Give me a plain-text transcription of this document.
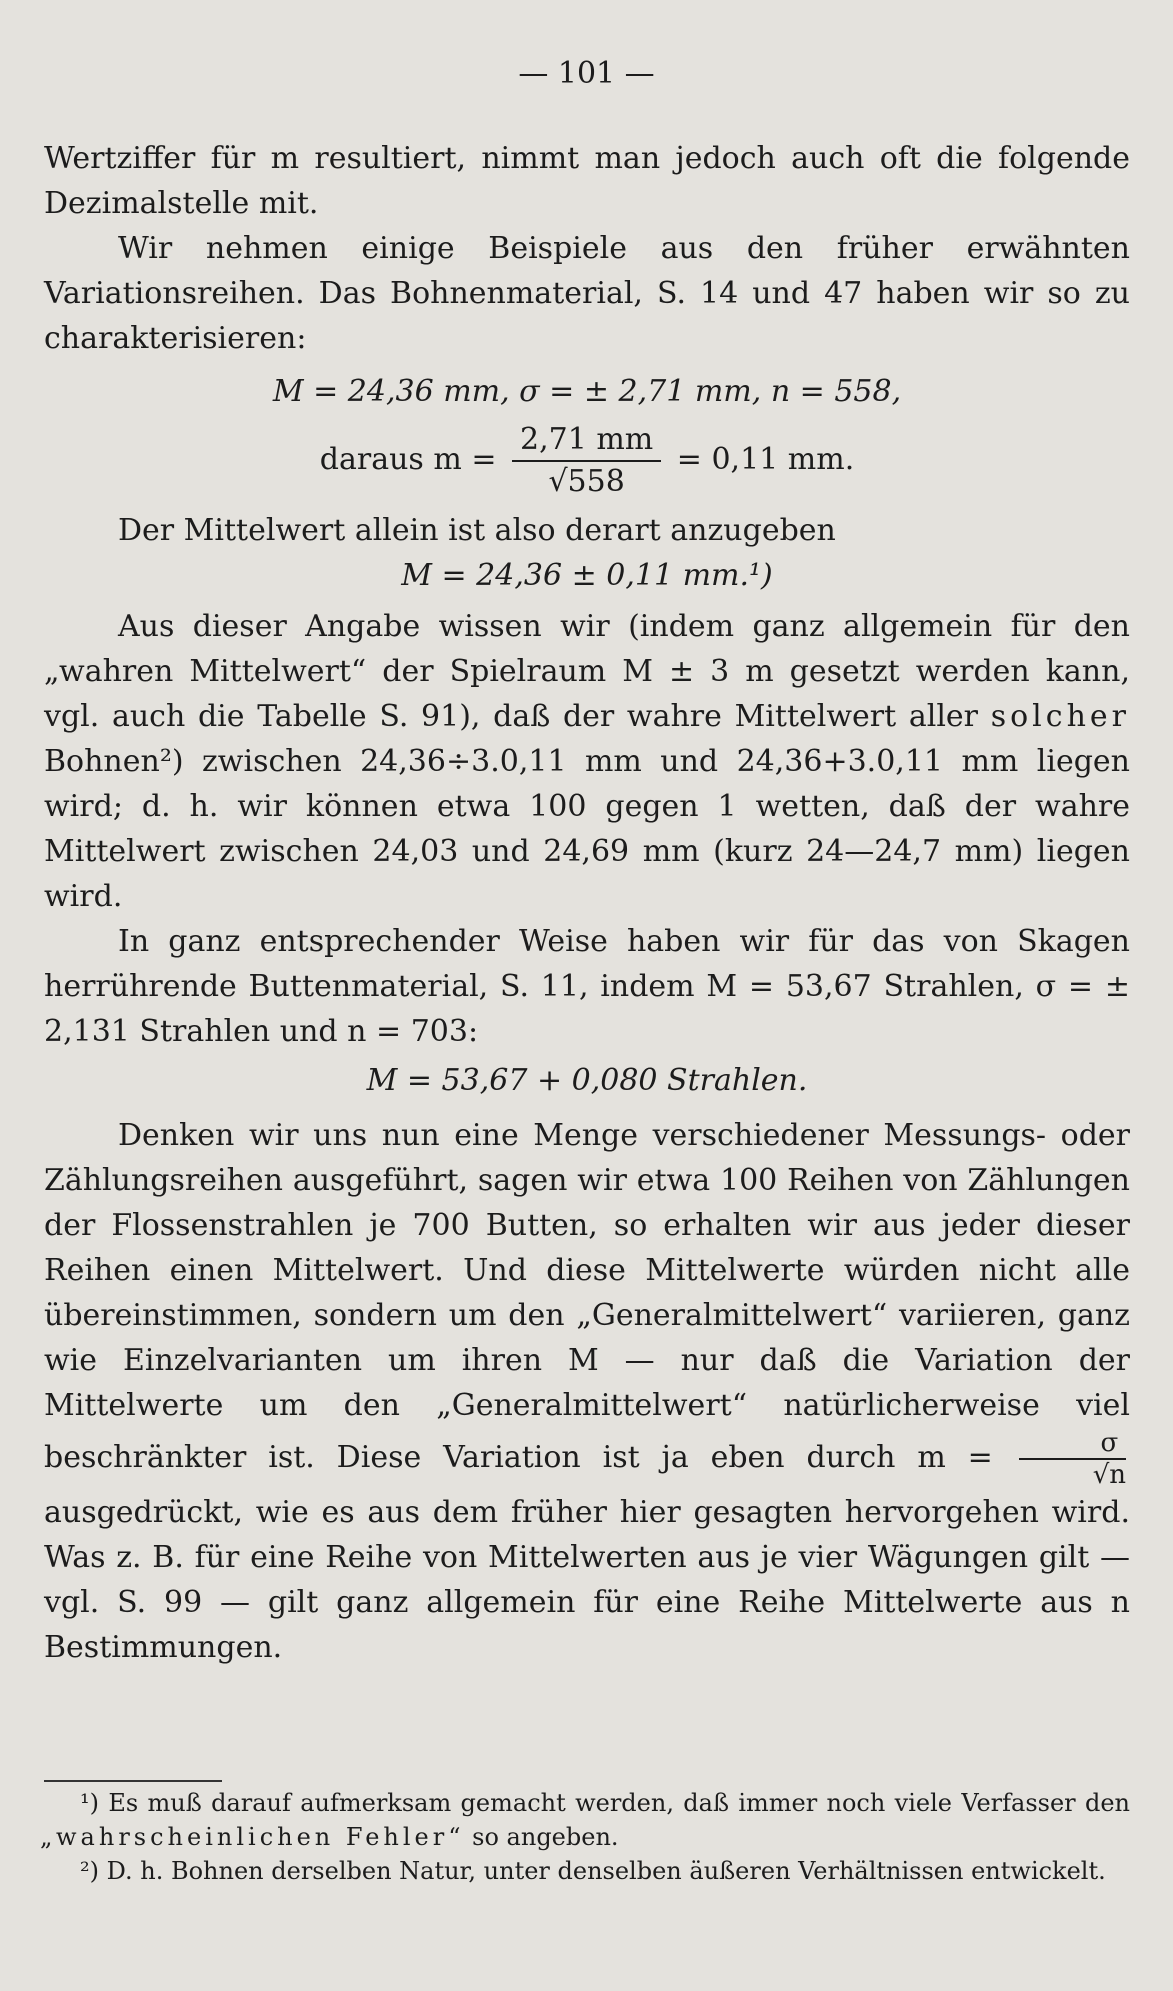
— 101 —

Wertziffer für m resultiert, nimmt man jedoch auch oft die folgende Dezimalstelle mit.

Wir nehmen einige Beispiele aus den früher erwähnten Variationsreihen. Das Bohnenmaterial, S. 14 und 47 haben wir so zu charakterisieren:

M = 24,36 mm, σ = ± 2,71 mm, n = 558,

daraus $m = \frac{2,71 mm}{√558} = 0,11$ mm.

Der Mittelwert allein ist also derart anzugeben

M = 24,36 ± 0,11 mm.¹)

Aus dieser Angabe wissen wir (indem ganz allgemein für den „wahren Mittelwert“ der Spielraum M ± 3 m gesetzt werden kann, vgl. auch die Tabelle S. 91), daß der wahre Mittelwert aller solcher Bohnen²) zwischen 24,36÷3.0,11 mm und 24,36+3.0,11 mm liegen wird; d. h. wir können etwa 100 gegen 1 wetten, daß der wahre Mittelwert zwischen 24,03 und 24,69 mm (kurz 24—24,7 mm) liegen wird.

In ganz entsprechender Weise haben wir für das von Skagen herrührende Buttenmaterial, S. 11, indem M = 53,67 Strahlen, σ = ± 2,131 Strahlen und n = 703:

M = 53,67 + 0,080 Strahlen.

Denken wir uns nun eine Menge verschiedener Messungs- oder Zählungsreihen ausgeführt, sagen wir etwa 100 Reihen von Zählungen der Flossenstrahlen je 700 Butten, so erhalten wir aus jeder dieser Reihen einen Mittelwert. Und diese Mittelwerte würden nicht alle übereinstimmen, sondern um den „Generalmittelwert“ variieren, ganz wie Einzelvarianten um ihren M — nur daß die Variation der Mittelwerte um den „Generalmittelwert“ natürlicherweise viel beschränkter ist. Diese Variation ist ja eben durch $m = \frac{\sigma}{√n}$
ausgedrückt, wie es aus dem früher hier gesagten hervorgehen wird. Was z. B. für eine Reihe von Mittelwerten aus je vier Wägungen gilt — vgl. S. 99 — gilt ganz allgemein für eine Reihe Mittelwerte aus n Bestimmungen.

¹) Es muß darauf aufmerksam gemacht werden, daß immer noch viele Verfasser den „wahrscheinlichen Fehler“ so angeben.

²) D. h. Bohnen derselben Natur, unter denselben äußeren Verhältnissen entwickelt.
